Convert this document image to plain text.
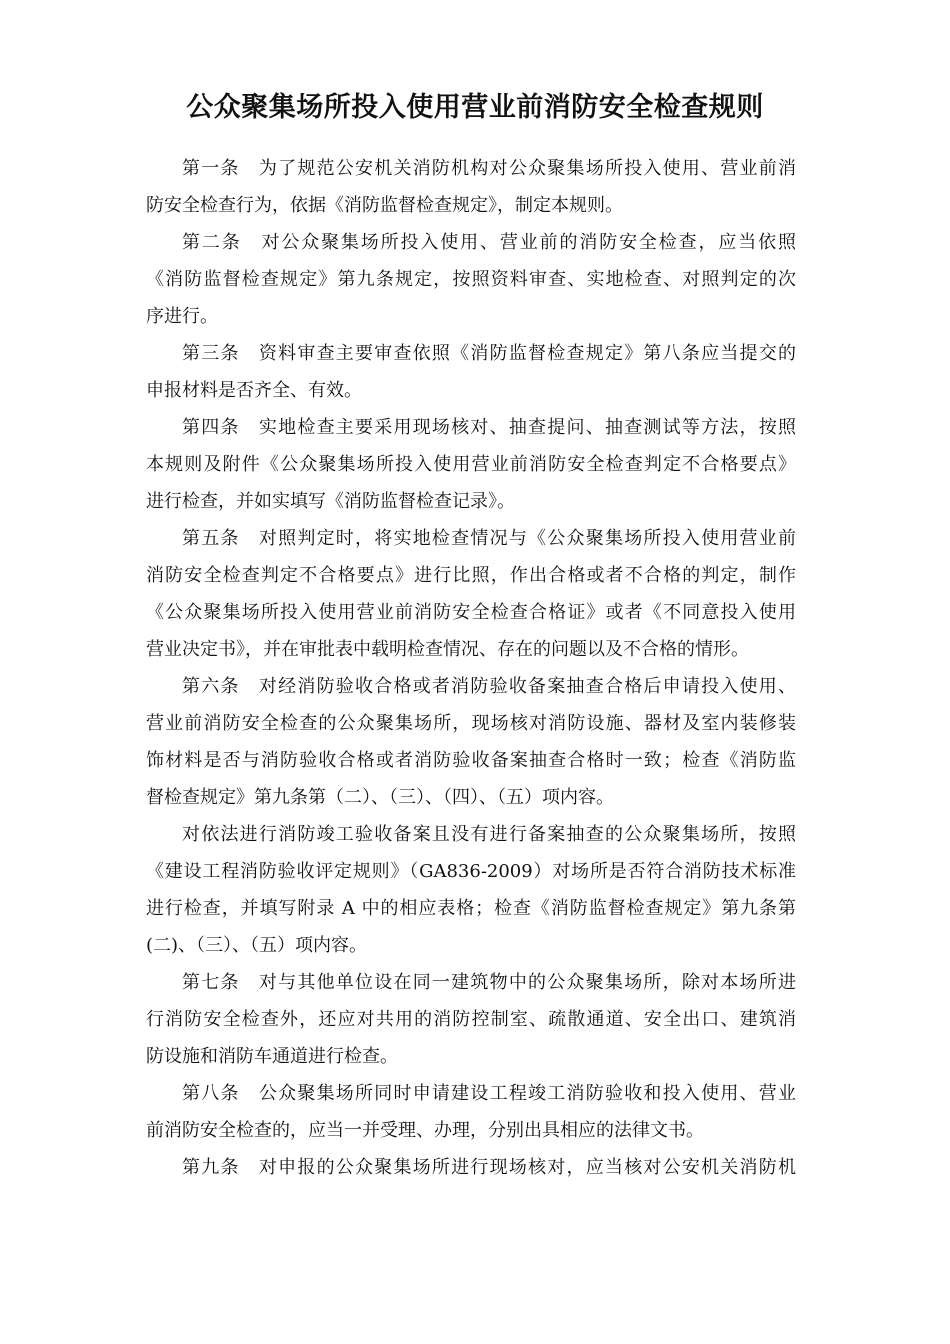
公众聚集场所投入使用营业前消防安全检查规则
第一条　为了规范公安机关消防机构对公众聚集场所投入使用、营业前消
防安全检查行为，依据《消防监督检查规定》，制定本规则。
第二条　对公众聚集场所投入使用、营业前的消防安全检查，应当依照
《消防监督检查规定》第九条规定，按照资料审查、实地检查、对照判定的次
序进行。
第三条　资料审查主要审查依照《消防监督检查规定》第八条应当提交的
申报材料是否齐全、有效。
第四条　实地检查主要采用现场核对、抽查提问、抽查测试等方法，按照
本规则及附件《公众聚集场所投入使用营业前消防安全检查判定不合格要点》
进行检查，并如实填写《消防监督检查记录》。
第五条　对照判定时，将实地检查情况与《公众聚集场所投入使用营业前
消防安全检查判定不合格要点》进行比照，作出合格或者不合格的判定，制作
《公众聚集场所投入使用营业前消防安全检查合格证》或者《不同意投入使用
营业决定书》，并在审批表中载明检查情况、存在的问题以及不合格的情形。
第六条　对经消防验收合格或者消防验收备案抽查合格后申请投入使用、
营业前消防安全检查的公众聚集场所，现场核对消防设施、器材及室内装修装
饰材料是否与消防验收合格或者消防验收备案抽查合格时一致；检查《消防监
督检查规定》第九条第（二）、（三）、（四）、（五）项内容。
对依法进行消防竣工验收备案且没有进行备案抽查的公众聚集场所，按照
《建设工程消防验收评定规则》（GA836-2009）对场所是否符合消防技术标准
进行检查，并填写附录 A 中的相应表格；检查《消防监督检查规定》第九条第
(二)、（三）、（五）项内容。
第七条　对与其他单位设在同一建筑物中的公众聚集场所，除对本场所进
行消防安全检查外，还应对共用的消防控制室、疏散通道、安全出口、建筑消
防设施和消防车通道进行检查。
第八条　公众聚集场所同时申请建设工程竣工消防验收和投入使用、营业
前消防安全检查的，应当一并受理、办理，分别出具相应的法律文书。
第九条　对申报的公众聚集场所进行现场核对，应当核对公安机关消防机
